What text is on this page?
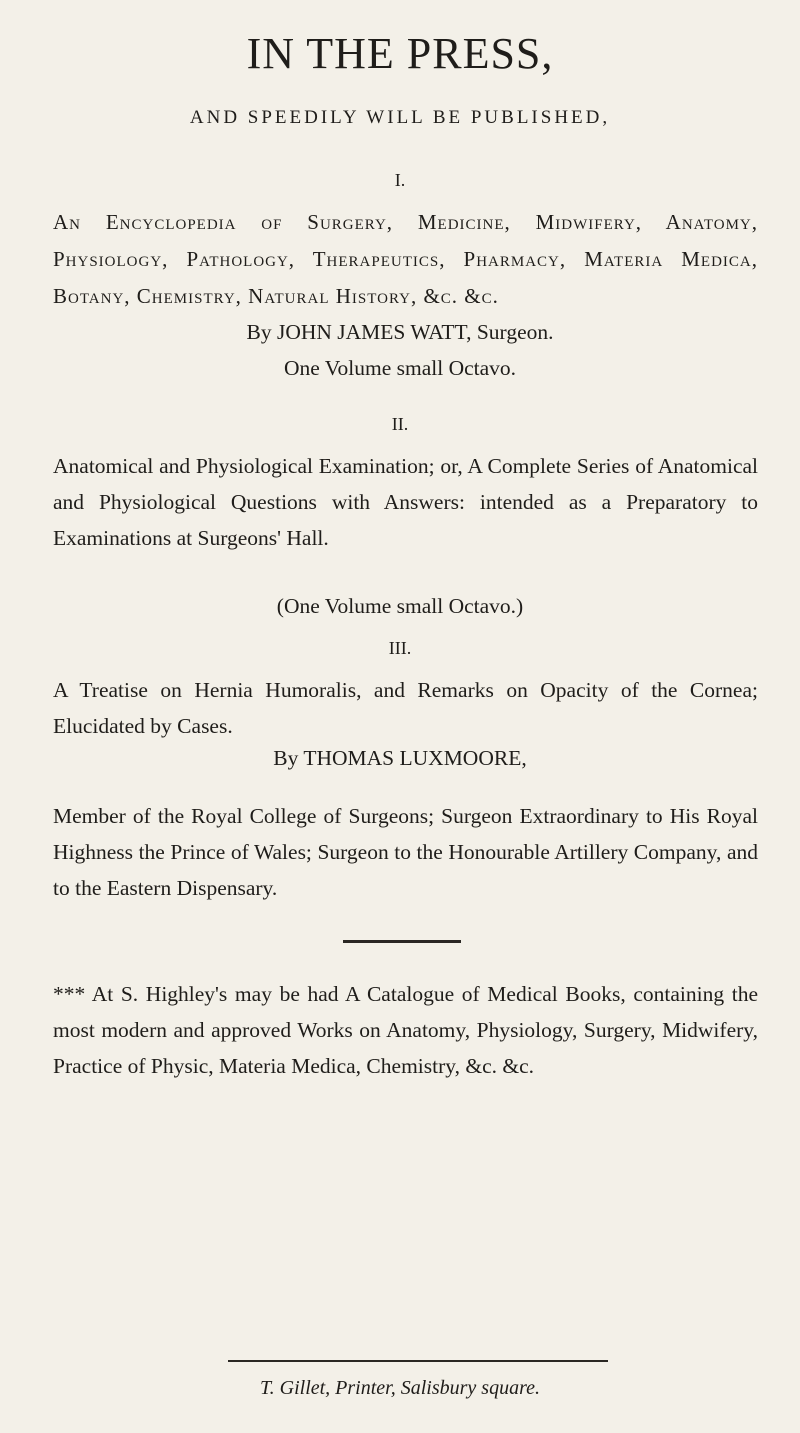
IN THE PRESS,
AND SPEEDILY WILL BE PUBLISHED,
I.
An Encyclopedia of Surgery, Medicine, Midwifery, Anatomy, Physiology, Pathology, Therapeutics, Pharmacy, Materia Medica, Botany, Chemistry, Natural History, &c. &c.
By JOHN JAMES WATT, Surgeon.
One Volume small Octavo.
II.
Anatomical and Physiological Examination; or, A Complete Series of Anatomical and Physiological Questions with Answers: intended as a Preparatory to Examinations at Surgeons' Hall.
(One Volume small Octavo.)
III.
A Treatise on Hernia Humoralis, and Remarks on Opacity of the Cornea; Elucidated by Cases.
By THOMAS LUXMOORE,
Member of the Royal College of Surgeons; Surgeon Extraordinary to His Royal Highness the Prince of Wales; Surgeon to the Honourable Artillery Company, and to the Eastern Dispensary.
*** At S. Highley's may be had A Catalogue of Medical Books, containing the most modern and approved Works on Anatomy, Physiology, Surgery, Midwifery, Practice of Physic, Materia Medica, Chemistry, &c. &c.
T. Gillet, Printer, Salisbury square.
